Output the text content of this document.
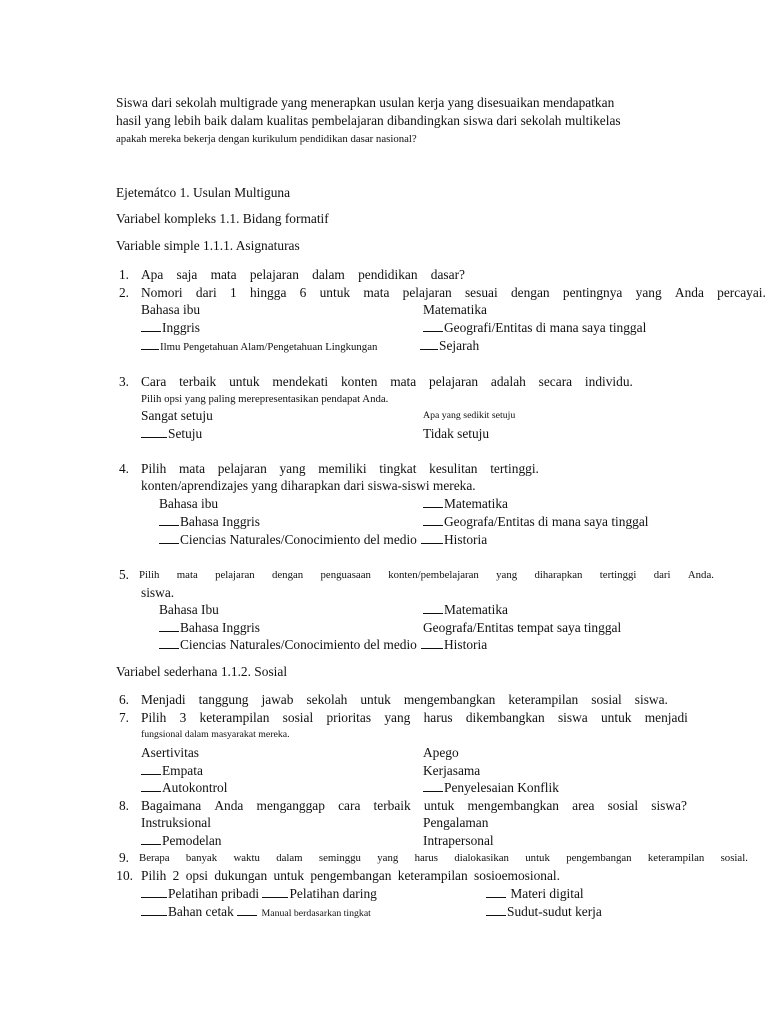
Siswa dari sekolah multigrade yang menerapkan usulan kerja yang disesuaikan mendapatkan
hasil yang lebih baik dalam kualitas pembelajaran dibandingkan siswa dari sekolah multikelas
apakah mereka bekerja dengan kurikulum pendidikan dasar nasional?
Ejetemátco 1. Usulan Multiguna
Variabel kompleks 1.1. Bidang formatif
Variable simple 1.1.1. Asignaturas
1. Apa saja mata pelajaran dalam pendidikan dasar?
2. Nomori dari 1 hingga 6 untuk mata pelajaran sesuai dengan pentingnya yang Anda percayai.
Bahasa ibu	Matematika
Inggris	Geografi/Entitas di mana saya tinggal
Ilmu Pengetahuan Alam/Pengetahuan Lingkungan	Sejarah
3. Cara terbaik untuk mendekati konten mata pelajaran adalah secara individu.
Pilih opsi yang paling merepresentasikan pendapat Anda.
Sangat setuju	Apa yang sedikit setuju
Setuju	Tidak setuju
4. Pilih mata pelajaran yang memiliki tingkat kesulitan tertinggi.
konten/aprendizajes yang diharapkan dari siswa-siswi mereka.
Bahasa ibu	Matematika
Bahasa Inggris	Geografa/Entitas di mana saya tinggal
Ciencias Naturales/Conocimiento del medio	Historia
5. Pilih mata pelajaran dengan penguasaan konten/pembelajaran yang diharapkan tertinggi dari Anda.
siswa.
Bahasa Ibu	Matematika
Bahasa Inggris	Geografa/Entitas tempat saya tinggal
Ciencias Naturales/Conocimiento del medio	Historia
Variabel sederhana 1.1.2. Sosial
6. Menjadi tanggung jawab sekolah untuk mengembangkan keterampilan sosial siswa.
7. Pilih 3 keterampilan sosial prioritas yang harus dikembangkan siswa untuk menjadi
fungsional dalam masyarakat mereka.
Asertivitas	Apego
Empata	Kerjasama
Autokontrol	Penyelesaian Konflik
8. Bagaimana Anda menganggap cara terbaik untuk mengembangkan area sosial siswa?
Instruksional	Pengalaman
Pemodelan	Intrapersonal
9. Berapa banyak waktu dalam seminggu yang harus dialokasikan untuk pengembangan keterampilan sosial.
10. Pilih 2 opsi dukungan untuk pengembangan keterampilan sosioemosional.
Pelatihan pribadi Pelatihan daring	Materi digital
Bahan cetak	Manual berdasarkan tingkat	Sudut-sudut kerja
